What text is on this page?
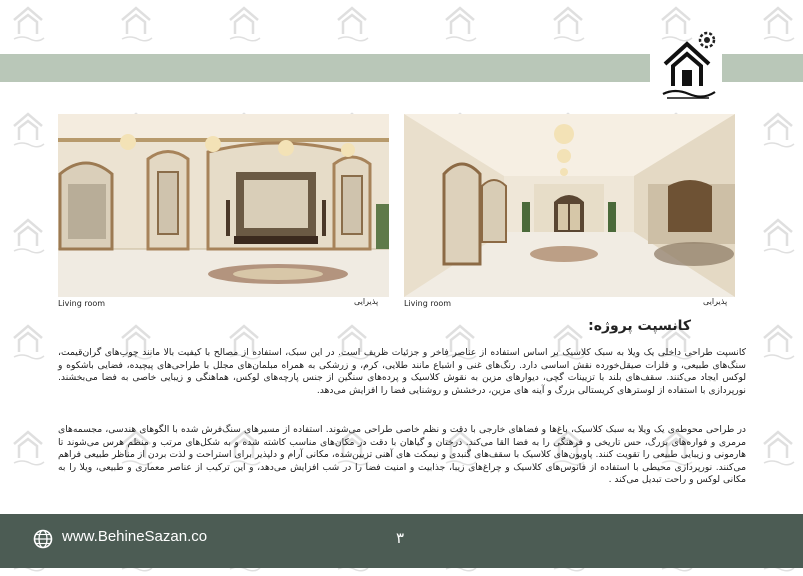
Living room	پذیرایی	Living room	پذیرایی
کانسپت پروژه:

کانسپت طراحی داخلی یک ویلا به سبک کلاسیک بر اساس استفاده از عناصر فاخر و جزئیات ظریف است. در این سبک، استفاده از مصالح با کیفیت بالا مانند چوب‌های گران‌قیمت، سنگ‌های طبیعی، و فلزات صیقل‌خورده نقش اساسی دارد. رنگ‌های غنی و اشباع مانند طلایی، کرم، و زرشکی به همراه مبلمان‌های مجلل با طراحی‌های پیچیده، فضایی باشکوه و لوکس ایجاد می‌کنند. سقف‌های بلند با تزیینات گچی، دیوارهای مزین به نقوش کلاسیک و پرده‌های سنگین از جنس پارچه‌های لوکس، هماهنگی و زیبایی خاصی به فضا می‌بخشند. نورپردازی با استفاده از لوسترهای کریستالی بزرگ و آینه های مزین، درخشش و روشنایی فضا را افزایش می‌دهد.

در طراحی محوطه‌ی یک ویلا به سبک کلاسیک، باغ‌ها و فضاهای خارجی با دقت و نظم خاصی طراحی می‌شوند. استفاده از مسیرهای سنگ‌فرش شده با الگوهای هندسی، مجسمه‌های مرمری و فواره‌های بزرگ، حس تاریخی و فرهنگی را به فضا القا می‌کند. درختان و گیاهان با دقت در مکان‌های مناسب کاشته شده و به شکل‌های مرتب و منظم هرس می‌شوند تا هارمونی و زیبایی طبیعی را تقویت کنند. پاویون‌های کلاسیک با سقف‌های گنبدی و نیمکت های آهنی تزیین‌شده، مکانی آرام و دلپذیر برای استراحت و لذت بردن از مناظر طبیعی فراهم می‌کنند. نورپردازی محیطی با استفاده از فانوس‌های کلاسیک و چراغ‌های زیبا، جذابیت و امنیت فضا را در شب افزایش می‌دهد، و این ترکیب از عناصر معماری و طبیعی، ویلا را به مکانی لوکس و راحت تبدیل می‌کند .

www.BehineSazan.co	۳
